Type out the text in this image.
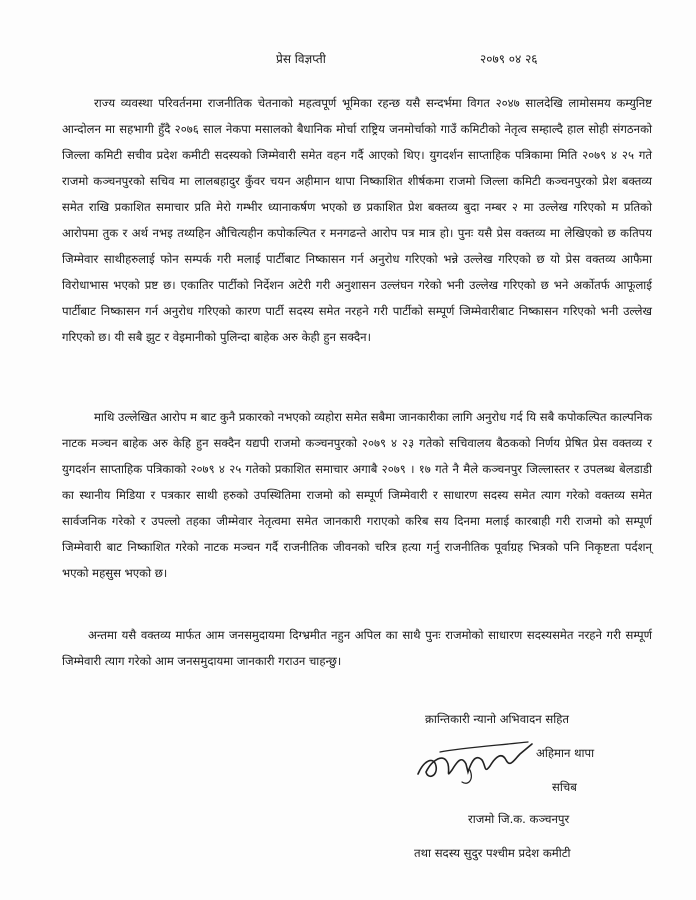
प्रेस विज्ञप्ती	२०७९ ०४ २६

राज्य व्यवस्था परिवर्तनमा राजनीतिक चेतनाको महत्वपूर्ण भूमिका रहन्छ यसै सन्दर्भमा विगत २०४७ सालदेखि लामोसमय कम्युनिष्ट आन्दोलन मा सहभागी हुँदै २०७६ साल नेकपा मसालको बैधानिक मोर्चा राष्ट्रिय जनमोर्चाको गाउँ कमिटीको नेतृत्व सम्हाल्दै हाल सोही संगठनको जिल्ला कमिटी सचीव प्रदेश कमीटी सदस्यको जिम्मेवारी समेत वहन गर्दै आएको थिए। युगदर्शन साप्ताहिक पत्रिकामा मिति २०७९ ४ २५ गते राजमो कञ्चनपुरको सचिव मा लालबहादुर कुँवर चयन अहीमान थापा निष्काशित शीर्षकमा राजमो जिल्ला कमिटी कञ्चनपुरको प्रेश बक्तव्य समेत राखि प्रकाशित समाचार प्रति मेरो गम्भीर ध्यानाकर्षण भएको छ प्रकाशित प्रेश बक्तव्य बुदा नम्बर २ मा उल्लेख गरिएको म प्रतिको आरोपमा तुक र अर्थ नभइ तथ्यहिन औचित्यहीन कपोकल्पित र मनगढन्ते आरोप पत्र मात्र हो। पुनः यसै प्रेस वक्तव्य मा लेखिएको छ कतिपय जिम्मेवार साथीहरुलाई फोन सम्पर्क गरी मलाई पार्टीबाट निष्कासन गर्न अनुरोध गरिएको भन्ने उल्लेख गरिएको छ यो प्रेस वक्तव्य आफैमा विरोधाभास भएको प्रष्ट छ। एकातिर पार्टीको निर्देशन अटेरी गरी अनुशासन उल्लंघन गरेको भनी उल्लेख गरिएको छ भने अर्कोतर्फ आफूलाई पार्टीबाट निष्कासन गर्न अनुरोध गरिएको कारण पार्टी सदस्य समेत नरहने गरी पार्टीको सम्पूर्ण जिम्मेवारीबाट निष्कासन गरिएको भनी उल्लेख गरिएको छ। यी सबै झुट र वेइमानीको पुलिन्दा बाहेक अरु केही हुन सक्दैन।

माथि उल्लेखित आरोप म बाट कुनै प्रकारको नभएको व्यहोरा समेत सबैमा जानकारीका लागि अनुरोध गर्द यि सबै कपोकल्पित काल्पनिक नाटक मञ्चन बाहेक अरु केहि हुन सक्दैन यद्यपी राजमो कञ्चनपुरको २०७९ ४ २३ गतेको सचिवालय बैठकको निर्णय प्रेषित प्रेस वक्तव्य र युगदर्शन साप्ताहिक पत्रिकाको २०७९ ४ २५ गतेको प्रकाशित समाचार अगाबै २०७९ । १७ गते नै मैले कञ्चनपुर जिल्लास्तर र उपलब्ध बेलडाडी का स्थानीय मिडिया र पत्रकार साथी हरुको उपस्थितिमा राजमो को सम्पूर्ण जिम्मेवारी र साधारण सदस्य समेत त्याग गरेको वक्तव्य समेत सार्वजनिक गरेको र उपल्लो तहका जीम्मेवार नेतृत्वमा समेत जानकारी गराएको करिब सय दिनमा मलाई कारबाही गरी राजमो को सम्पूर्ण जिम्मेवारी बाट निष्काशित गरेको नाटक मञ्चन गर्दै राजनीतिक जीवनको चरित्र हत्या गर्नु राजनीतिक पूर्वाग्रह भित्रको पनि निकृष्टता पर्दशन् भएको महसुस भएको छ।

अन्तमा यसै वक्तव्य मार्फत आम जनसमुदायमा दिग्भ्रमीत नहुन अपिल का साथै पुनः राजमोको साधारण सदस्यसमेत नरहने गरी सम्पूर्ण जिम्मेवारी त्याग गरेको आम जनसमुदायमा जानकारी गराउन चाहन्छु।

क्रान्तिकारी न्यानो अभिवादन सहित
अहिमान थापा
सचिब
राजमो जि.क. कञ्चनपुर
तथा सदस्य सुदुर पश्चीम प्रदेश कमीटी
